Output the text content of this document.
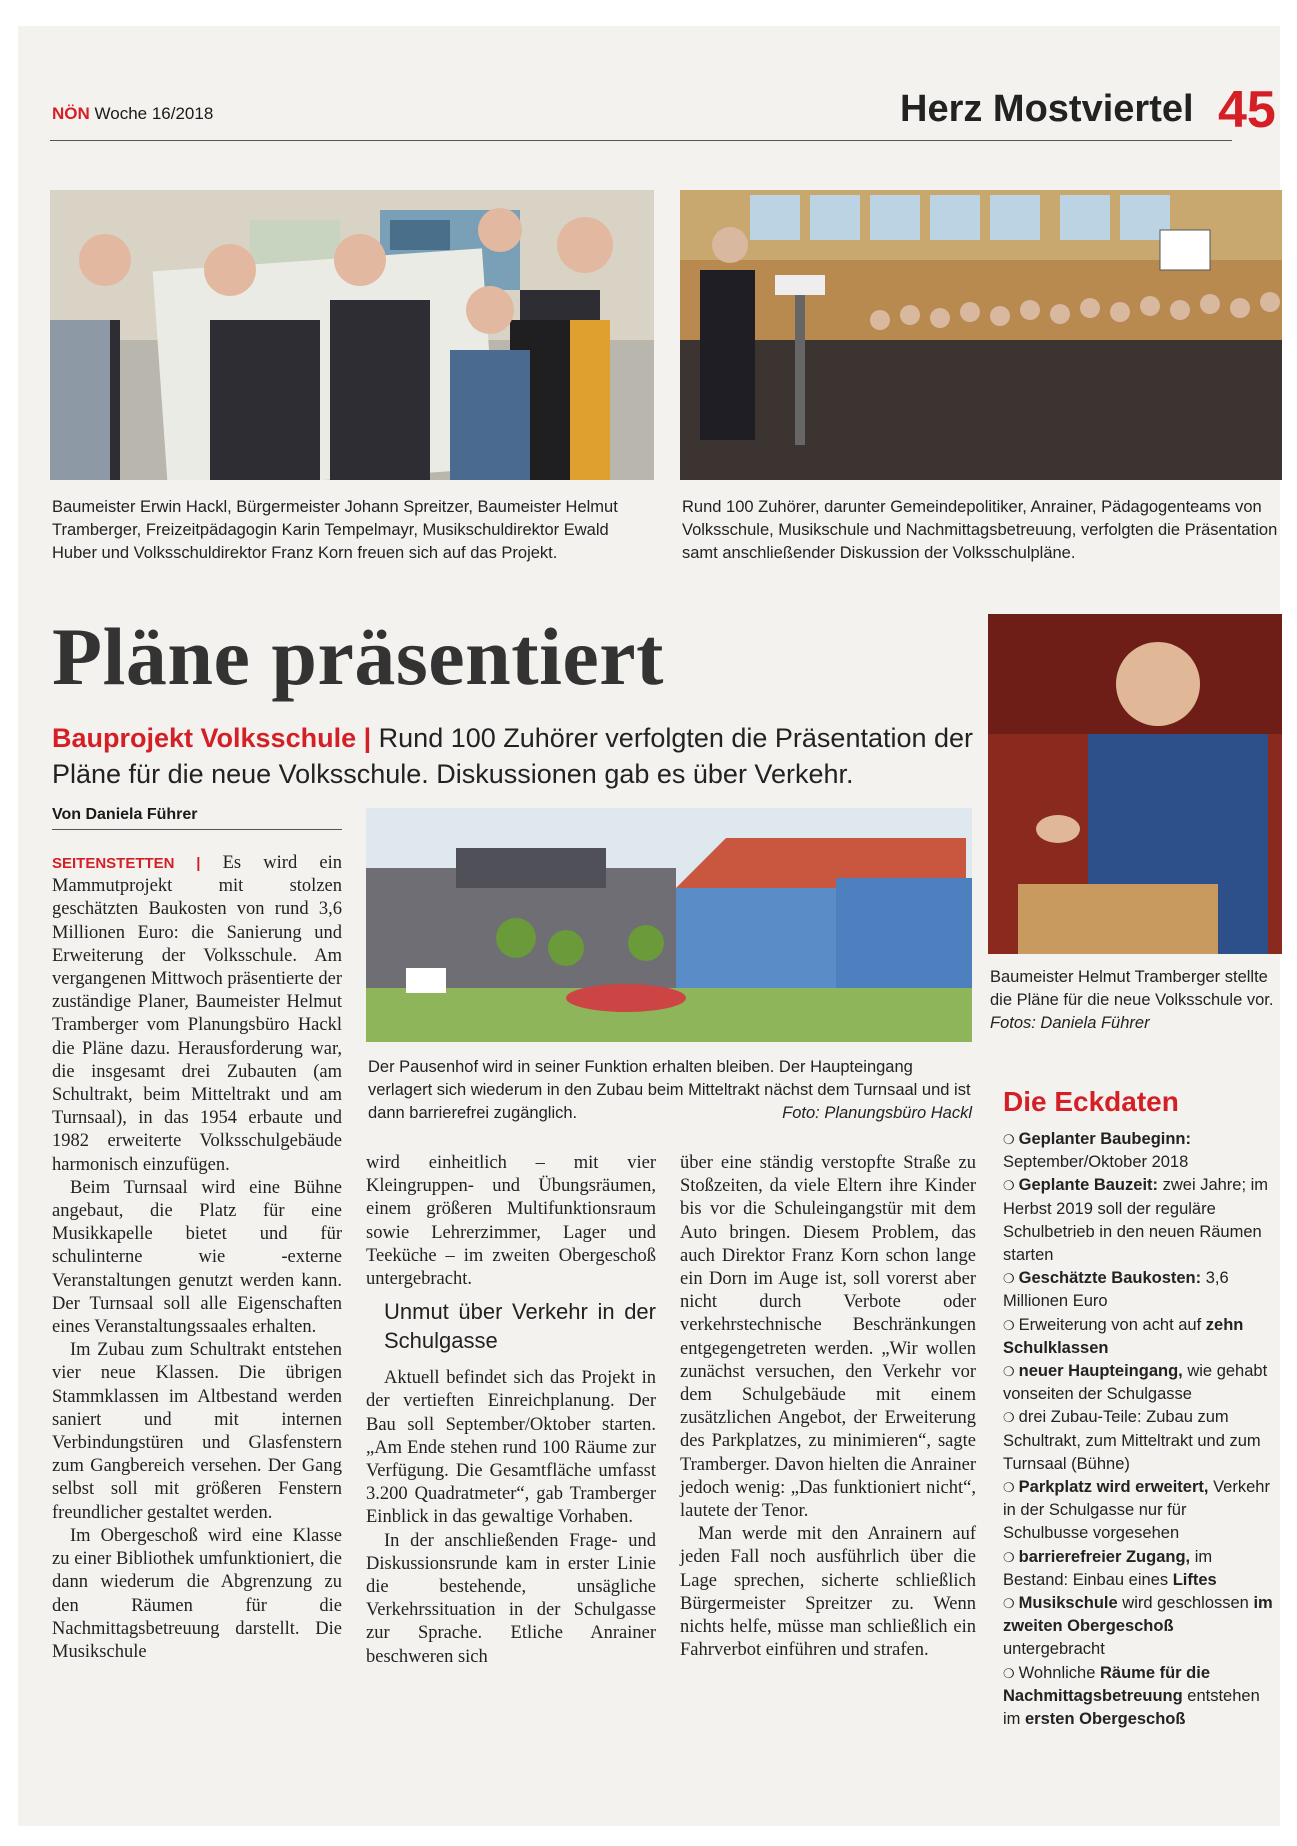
NÖN Woche 16/2018	Herz Mostviertel 45
Baumeister Erwin Hackl, Bürgermeister Johann Spreitzer, Baumeister Helmut Tramberger, Freizeitpädagogin Karin Tempelmayr, Musikschuldirektor Ewald Huber und Volksschuldirektor Franz Korn freuen sich auf das Projekt.
Rund 100 Zuhörer, darunter Gemeindepolitiker, Anrainer, Pädagogenteams von Volksschule, Musikschule und Nachmittagsbetreuung, verfolgten die Präsentation samt anschließender Diskussion der Volksschulpläne.
Pläne präsentiert
Bauprojekt Volksschule | Rund 100 Zuhörer verfolgten die Präsentation der Pläne für die neue Volksschule. Diskussionen gab es über Verkehr.
Von Daniela Führer
Der Pausenhof wird in seiner Funktion erhalten bleiben. Der Haupteingang verlagert sich wiederum in den Zubau beim Mitteltrakt nächst dem Turnsaal und ist dann barrierefrei zugänglich.	Foto: Planungsbüro Hackl
Baumeister Helmut Tramberger stellte die Pläne für die neue Volksschule vor. Fotos: Daniela Führer

SEITENSTETTEN | Es wird ein Mammutprojekt mit stolzen geschätzten Baukosten von rund 3,6 Millionen Euro: die Sanierung und Erweiterung der Volksschule. Am vergangenen Mittwoch präsentierte der zuständige Planer, Baumeister Helmut Tramberger vom Planungsbüro Hackl die Pläne dazu. Herausforderung war, die insgesamt drei Zubauten (am Schultrakt, beim Mitteltrakt und am Turnsaal), in das 1954 erbaute und 1982 erweiterte Volksschulgebäude harmonisch einzufügen.

Beim Turnsaal wird eine Bühne angebaut, die Platz für eine Musikkapelle bietet und für schulinterne wie -externe Veranstaltungen genutzt werden kann. Der Turnsaal soll alle Eigenschaften eines Veranstaltungssaales erhalten.

Im Zubau zum Schultrakt entstehen vier neue Klassen. Die übrigen Stammklassen im Altbestand werden saniert und mit internen Verbindungstüren und Glasfenstern zum Gangbereich versehen. Der Gang selbst soll mit größeren Fenstern freundlicher gestaltet werden.

Im Obergeschoß wird eine Klasse zu einer Bibliothek umfunktioniert, die dann wiederum die Abgrenzung zu den Räumen für die Nachmittagsbetreuung darstellt. Die Musikschule

wird einheitlich – mit vier Kleingruppen- und Übungsräumen, einem größeren Multifunktionsraum sowie Lehrerzimmer, Lager und Teeküche – im zweiten Obergeschoß untergebracht.

Unmut über Verkehr in der Schulgasse

Aktuell befindet sich das Projekt in der vertieften Einreichplanung. Der Bau soll September/Oktober starten. „Am Ende stehen rund 100 Räume zur Verfügung. Die Gesamtfläche umfasst 3.200 Quadratmeter“, gab Tramberger Einblick in das gewaltige Vorhaben.

In der anschließenden Frage- und Diskussionsrunde kam in erster Linie die bestehende, unsägliche Verkehrssituation in der Schulgasse zur Sprache. Etliche Anrainer beschweren sich

über eine ständig verstopfte Straße zu Stoßzeiten, da viele Eltern ihre Kinder bis vor die Schuleingangstür mit dem Auto bringen. Diesem Problem, das auch Direktor Franz Korn schon lange ein Dorn im Auge ist, soll vorerst aber nicht durch Verbote oder verkehrstechnische Beschränkungen entgegengetreten werden. „Wir wollen zunächst versuchen, den Verkehr vor dem Schulgebäude mit einem zusätzlichen Angebot, der Erweiterung des Parkplatzes, zu minimieren“, sagte Tramberger. Davon hielten die Anrainer jedoch wenig: „Das funktioniert nicht“, lautete der Tenor.

Man werde mit den Anrainern auf jeden Fall noch ausführlich über die Lage sprechen, sicherte schließlich Bürgermeister Spreitzer zu. Wenn nichts helfe, müsse man schließlich ein Fahrverbot einführen und strafen.

Die Eckdaten
❍ Geplanter Baubeginn: September/Oktober 2018
❍ Geplante Bauzeit: zwei Jahre; im Herbst 2019 soll der reguläre Schulbetrieb in den neuen Räumen starten
❍ Geschätzte Baukosten: 3,6 Millionen Euro
❍ Erweiterung von acht auf zehn Schulklassen
❍ neuer Haupteingang, wie gehabt vonseiten der Schulgasse
❍ drei Zubau-Teile: Zubau zum Schultrakt, zum Mitteltrakt und zum Turnsaal (Bühne)
❍ Parkplatz wird erweitert, Verkehr in der Schulgasse nur für Schulbusse vorgesehen
❍ barrierefreier Zugang, im Bestand: Einbau eines Liftes
❍ Musikschule wird geschlossen im zweiten Obergeschoß untergebracht
❍ Wohnliche Räume für die Nachmittagsbetreuung entstehen im ersten Obergeschoß
